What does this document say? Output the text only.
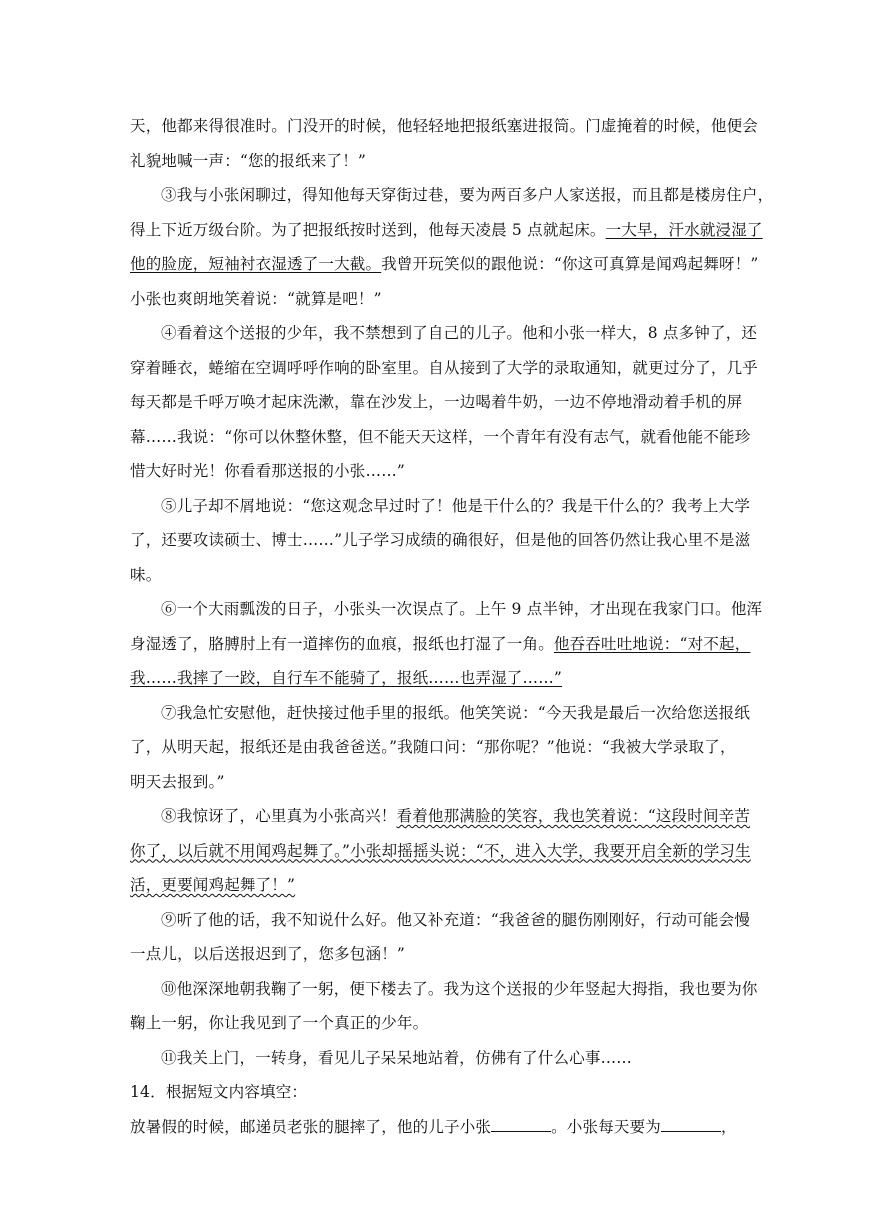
天，他都来得很准时。门没开的时候，他轻轻地把报纸塞进报筒。门虚掩着的时候，他便会
礼貌地喊一声：“您的报纸来了！”
③我与小张闲聊过，得知他每天穿街过巷，要为两百多户人家送报，而且都是楼房住户，
得上下近万级台阶。为了把报纸按时送到，他每天凌晨 5 点就起床。一大早，汗水就浸湿了
他的脸庞，短袖衬衣湿透了一大截。我曾开玩笑似的跟他说：“你这可真算是闻鸡起舞呀！”
小张也爽朗地笑着说：“就算是吧！”
④看着这个送报的少年，我不禁想到了自己的儿子。他和小张一样大，8 点多钟了，还
穿着睡衣，蜷缩在空调呼呼作响的卧室里。自从接到了大学的录取通知，就更过分了，几乎
每天都是千呼万唤才起床洗漱，靠在沙发上，一边喝着牛奶，一边不停地滑动着手机的屏
幕……我说：“你可以休整休整，但不能天天这样，一个青年有没有志气，就看他能不能珍
惜大好时光！你看看那送报的小张……”
⑤儿子却不屑地说：“您这观念早过时了！他是干什么的？我是干什么的？我考上大学
了，还要攻读硕士、博士……”儿子学习成绩的确很好，但是他的回答仍然让我心里不是滋
味。
⑥一个大雨瓢泼的日子，小张头一次误点了。上午 9 点半钟，才出现在我家门口。他浑
身湿透了，胳膊肘上有一道摔伤的血痕，报纸也打湿了一角。他吞吞吐吐地说：“对不起，
我……我摔了一跤，自行车不能骑了，报纸……也弄湿了……”
⑦我急忙安慰他，赶快接过他手里的报纸。他笑笑说：“今天我是最后一次给您送报纸
了，从明天起，报纸还是由我爸爸送。”我随口问：“那你呢？”他说：“我被大学录取了，
明天去报到。”
⑧我惊讶了，心里真为小张高兴！看着他那满脸的笑容，我也笑着说：“这段时间辛苦
你了，以后就不用闻鸡起舞了。”小张却摇摇头说：“不，进入大学，我要开启全新的学习生
活，更要闻鸡起舞了！”
⑨听了他的话，我不知说什么好。他又补充道：“我爸爸的腿伤刚刚好，行动可能会慢
一点儿，以后送报迟到了，您多包涵！”
⑩他深深地朝我鞠了一躬，便下楼去了。我为这个送报的少年竖起大拇指，我也要为你
鞠上一躬，你让我见到了一个真正的少年。
⑪我关上门，一转身，看见儿子呆呆地站着，仿佛有了什么心事……
14．根据短文内容填空：
放暑假的时候，邮递员老张的腿摔了，他的儿子小张	。小张每天要为	，
